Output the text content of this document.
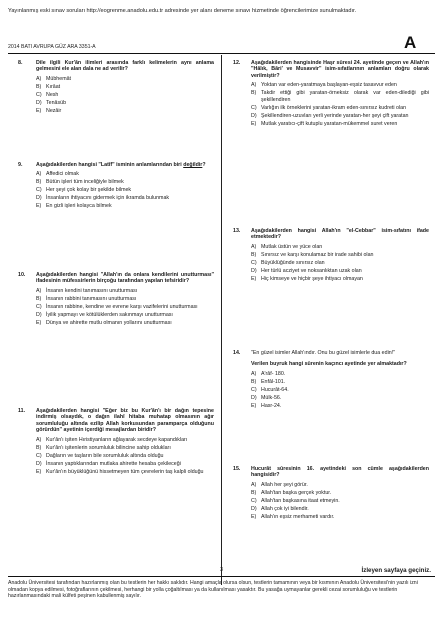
Yayınlanmış eski sınav soruları http://eogrenme.anadolu.edu.tr adresinde yer alanı deneme sınavı hizmetinde öğrencilerimize sunulmaktadır.
2014 BATI AVRUPA GÜZ ARA 3351-A	A
8.	Dile ilgili Kur'ân ilimleri arasında farklı kelimelerin aynı anlama gelmesini ele alan dala ne ad verilir?
A) Mübhemât
B) Kırâat
C) Nesh
D) Tenâsüb
E) Nezâir
9.	Aşağıdakilerden hangisi "Latîf" isminin anlamlarından biri değildir?
A) Affedici olmak
B) Bütün işleri tüm inceliğiyle bilmek
C) Her şeyi çok kolay bir şekilde bilmek
D) İnsanların ihtiyacını gidermek için ikramda bulunmak
E) En gizli işleri kolayca bilmek
10. Aşağıdakilerden hangisi "Allah'ın da onlara kendilerini unutturması" ifadesinin müfessirlerin birçoğu tarafından yapılan tefsiridir?
A) İnsanın kendini tanımasını unutturması
B) İnsanın rabbini tanımasını unutturması
C) İnsanın rabbine, kendine ve evrene karşı vazifelerini unutturması
D) İyilik yapmayı ve kötülüklerden sakınmayı unutturması
E) Dünya ve ahirette mutlu olmanın yollarını unutturması
11. Aşağıdakilerden hangisi "Eğer biz bu Kur'ân'ı bir dağın tepesine indirmiş olsaydık, o dağın ilahî hitaba muhatap olmasının ağır sorumluluğu altında ezilip Allah korkusundan paramparça olduğunu görürdün" ayetinin içerdiği mesajlardan biridir?
A) Kur'ân'ı işiten Hıristiyanların ağlayarak secdeye kapandıkları
B) Kur'ân'ı işitenlerin sorumluluk bilincine sahip oldukları
C) Dağların ve taşların bile sorumluluk altında olduğu
D) İnsanın yaptıklarından mutlaka ahirette hesaba çekileceği
E) Kur'ân'ın büyüklüğünü hissetmeyen tüm çevrelerin taş kalpli olduğu
12. Aşağıdakilerden hangisinde Haşr sûresi 24. ayetinde geçen ve Allah'ın "Hâlık, Bâri' ve Musavvir" isim-sıfatlarının anlamları doğru olarak verilmiştir?
A) Yoktan var eden-yaratmaya başlayan-eşsiz tasavvur eden
B) Takdir ettiği gibi yaratan-örneksiz olarak var eden-dilediği gibi şekillendiren
C) Varlığın ilk örneklerini yaratan-ikram eden-sınırsız kudreti olan
D) Şekillendiren-uzuvları yerli yerinde yaratan-her şeyi çift yaratan
E) Mutlak yaratıcı-çift kutuplu yaratan-mükemmel suret veren
13. Aşağıdakilerden hangisi Allah'ın "el-Cebbar" isim-sıfatını ifade etmektedir?
A) Mutlak üstün ve yüce olan
B) Sınırsız ve karşı konulamaz bir irade sahibi olan
C) Büyüklüğünde sınırsız olan
D) Her türlü acziyet ve noksanlıktan uzak olan
E) Hiç kimseye ve hiçbir şeye ihtiyacı olmayan
14. "En güzel isimler Allah'ındır. Onu bu güzel isimlerle dua edin!"
Verilen buyruk hangi sûrenin kaçıncı ayetinde yer almaktadır?
A) A'râf- 180.
B) Enfâl-101.
C) Hucurât-64.
D) Mülk-56.
E) Hasr-24.
15. Hucurât sûresinin 16. ayetindeki son cümle aşağıdakilerden hangisidir?
A) Allah her şeyi görür.
B) Allah'tan başka gerçek yoktur.
C) Allah'tan başkasına itaat etmeyin.
D) Allah çok iyi bilendir.
E) Allah'ın eşsiz merhameti vardır.
3	İzleyen sayfaya geçiniz.
Anadolu Üniversitesi tarafından hazırlanmış olan bu testlerin her hakkı saklıdır. Hangi amaçla olursa olsun, testlerin tamamının veya bir kısmının Anadolu Üniversitesi'nin yazılı izni olmadan kopya edilmesi, fotoğraflarının çekilmesi, herhangi bir yolla çoğaltılması ya da kullanılması yasaktır. Bu yasağa uymayanlar gerekli cezai sorumluluğu ve testlerin hazırlanmasındaki mali külfeti peşinen kabullenmiş sayılır.
